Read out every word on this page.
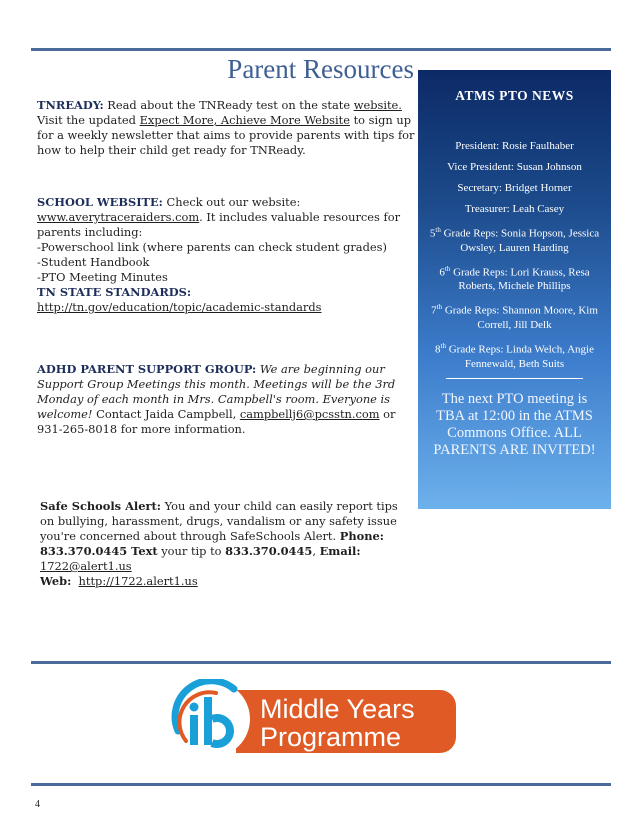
Parent Resources
TNREADY: Read about the TNReady test on the state website. Visit the updated Expect More, Achieve More Website to sign up for a weekly newsletter that aims to provide parents with tips for how to help their child get ready for TNReady.
SCHOOL WEBSITE: Check out our website: www.averytraceraiders.com. It includes valuable resources for parents including:
-Powerschool link (where parents can check student grades)
-Student Handbook
-PTO Meeting Minutes
TN STATE STANDARDS:
http://tn.gov/education/topic/academic-standards
ADHD PARENT SUPPORT GROUP: We are beginning our Support Group Meetings this month. Meetings will be the 3rd Monday of each month in Mrs. Campbell's room. Everyone is welcome! Contact Jaida Campbell, campbellj6@pcsstn.com or 931-265-8018 for more information.
Safe Schools Alert: You and your child can easily report tips on bullying, harassment, drugs, vandalism or any safety issue you're concerned about through SafeSchools Alert. Phone: 833.370.0445 Text your tip to 833.370.0445, Email: 1722@alert1.us
Web: http://1722.alert1.us
ATMS PTO NEWS
President: Rosie Faulhaber
Vice President: Susan Johnson
Secretary: Bridget Horner
Treasurer: Leah Casey
5th Grade Reps: Sonia Hopson, Jessica Owsley, Lauren Harding
6th Grade Reps: Lori Krauss, Resa Roberts, Michele Phillips
7th Grade Reps: Shannon Moore, Kim Correll, Jill Delk
8th Grade Reps: Linda Welch, Angie Fennewald, Beth Suits
The next PTO meeting is TBA at 12:00 in the ATMS Commons Office. ALL PARENTS ARE INVITED!
Middle Years
Programme
4
